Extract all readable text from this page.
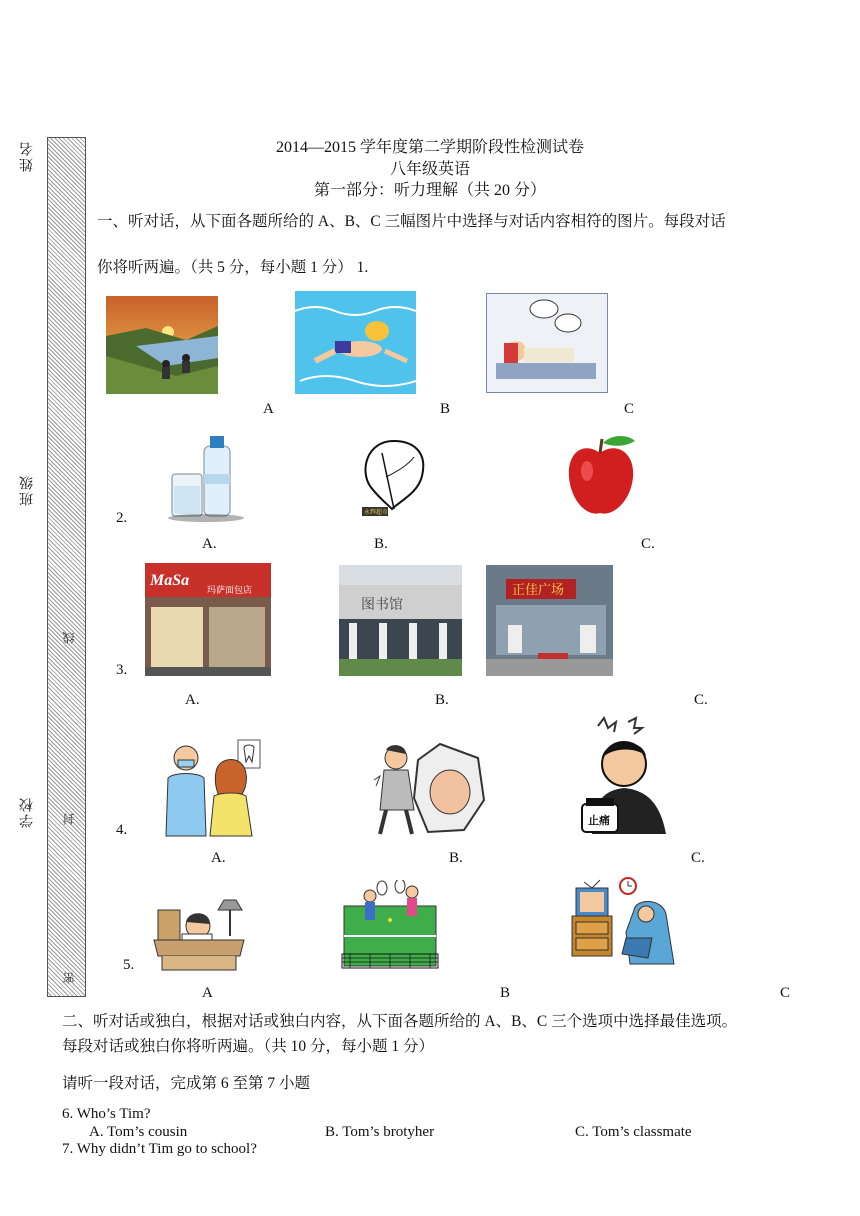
姓名
班级
学校
线
封
密
2014—2015 学年度第二学期阶段性检测试卷
八年级英语
第一部分：听力理解（共 20 分）
一、听对话，从下面各题所给的 A、B、C 三幅图片中选择与对话内容相符的图片。每段对话
你将听两遍。（共 5 分，每小题 1 分） 1.
A	B	C
2.	永辉超市
A.	B.	C.
3.
MaSa
玛萨面包店
图书馆
正佳广场
A.	B.	C.
4.
止痛
A.	B.	C.
5.
A	B	C
二、听对话或独白，根据对话或独白内容，从下面各题所给的 A、B、C 三个选项中选择最佳选项。
每段对话或独白你将听两遍。（共 10 分，每小题 1 分）
请听一段对话，完成第 6 至第 7 小题
6. Who’s Tim?
A. Tom’s cousin	B. Tom’s brotyher	C. Tom’s classmate
7. Why didn’t Tim go to school?
